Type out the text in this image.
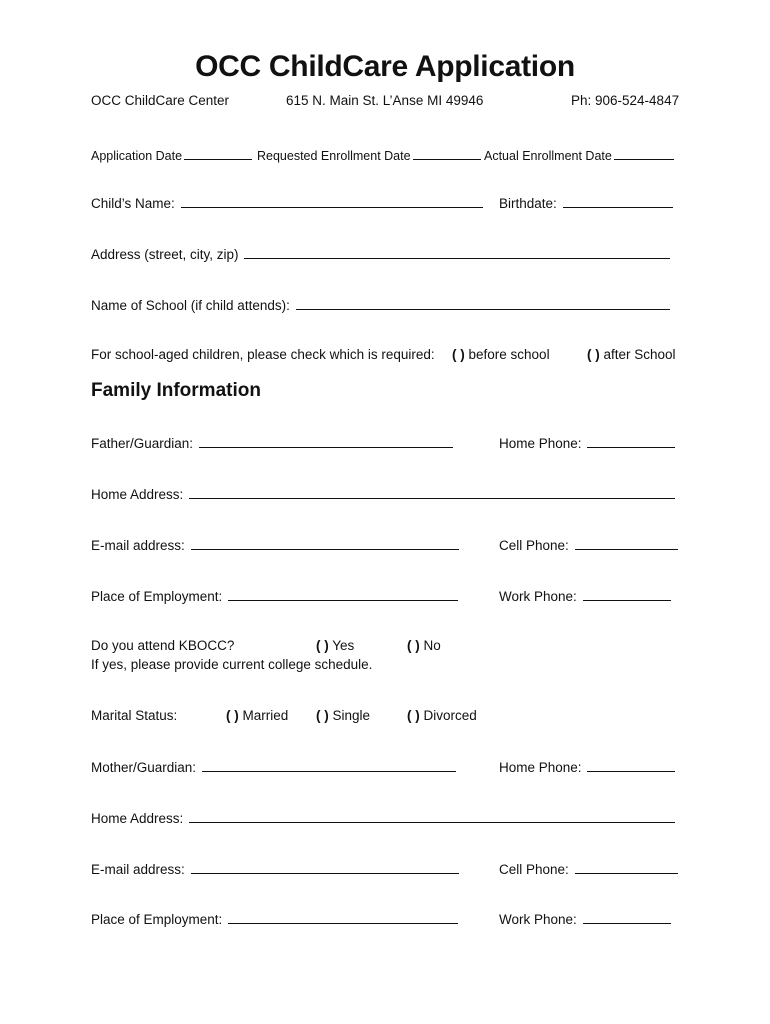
OCC ChildCare Application
OCC ChildCare Center	615 N. Main St. L’Anse MI 49946	Ph: 906-524-4847
Application Date	Requested Enrollment Date	Actual Enrollment Date
Child’s Name:	Birthdate:
Address (street, city, zip)
Name of School (if child attends):
For school-aged children, please check which is required: ( ) before school	( ) after School
Family Information
Father/Guardian:	Home Phone:
Home Address:
E-mail address:	Cell Phone:
Place of Employment:	Work Phone:
Do you attend KBOCC?	( ) Yes	( ) No
If yes, please provide current college schedule.
Marital Status:	( ) Married ( ) Single	( ) Divorced
Mother/Guardian:	Home Phone:
Home Address:
E-mail address:	Cell Phone:
Place of Employment:	Work Phone:
